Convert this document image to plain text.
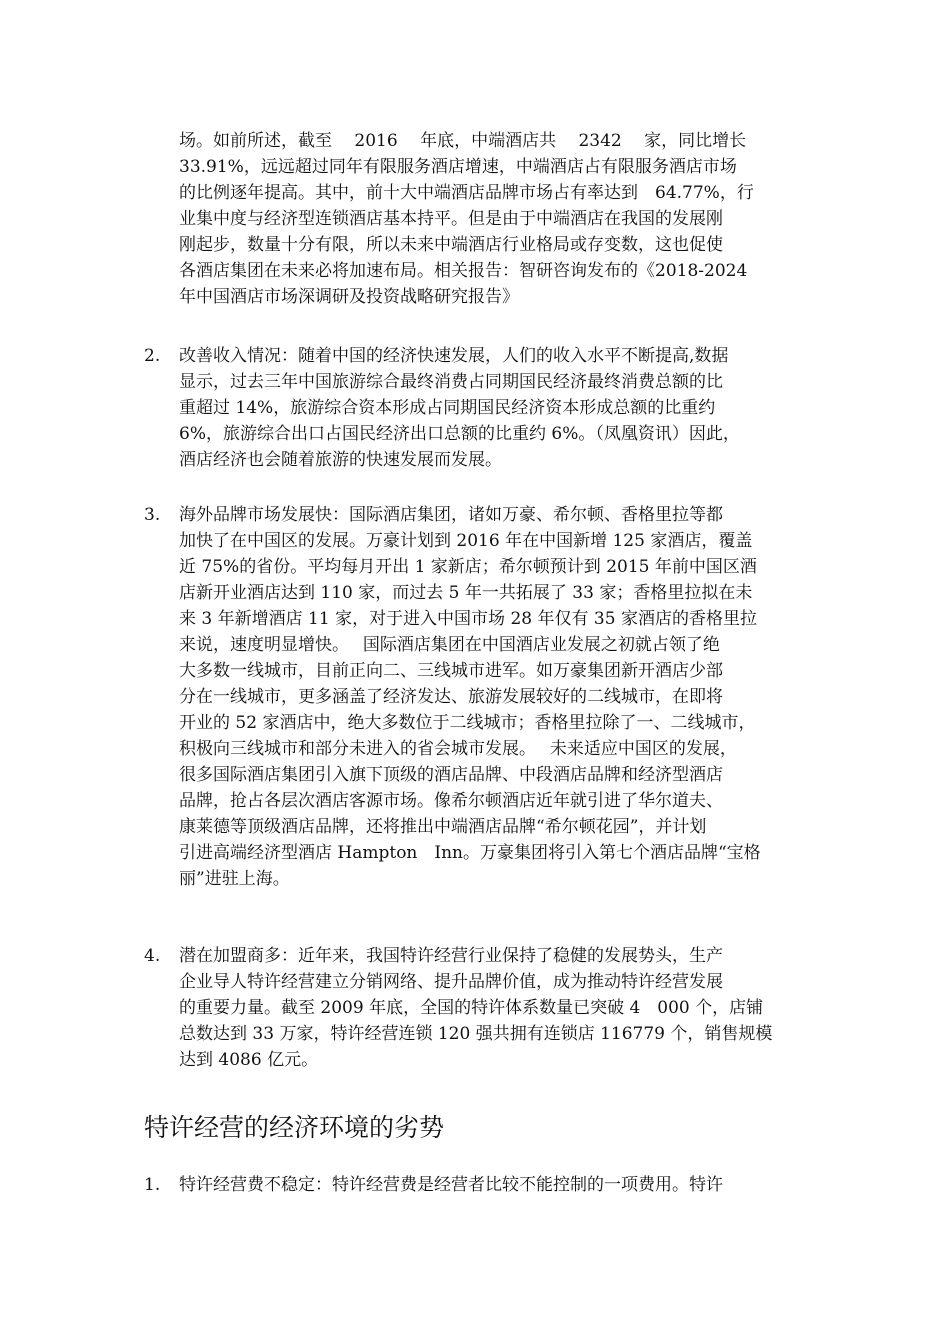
场。如前所述，截至　 2016　 年底，中端酒店共　 2342　 家，同比增长
33.91%，远远超过同年有限服务酒店增速，中端酒店占有限服务酒店市场
的比例逐年提高。其中，前十大中端酒店品牌市场占有率达到　64.77%，行
业集中度与经济型连锁酒店基本持平。但是由于中端酒店在我国的发展刚
刚起步，数量十分有限，所以未来中端酒店行业格局或存变数，这也促使
各酒店集团在未来必将加速布局。相关报告：智研咨询发布的《2018-2024
年中国酒店市场深调研及投资战略研究报告》
2. 改善收入情况：随着中国的经济快速发展，人们的收入水平不断提高,数据
显示，过去三年中国旅游综合最终消费占同期国民经济最终消费总额的比
重超过 14%，旅游综合资本形成占同期国民经济资本形成总额的比重约
6%，旅游综合出口占国民经济出口总额的比重约 6%。（凤凰资讯）因此，
酒店经济也会随着旅游的快速发展而发展。
3. 海外品牌市场发展快：国际酒店集团，诸如万豪、希尔顿、香格里拉等都
加快了在中国区的发展。万豪计划到 2016 年在中国新增 125 家酒店，覆盖
近 75%的省份。平均每月开出 1 家新店；希尔顿预计到 2015 年前中国区酒
店新开业酒店达到 110 家，而过去 5 年一共拓展了 33 家；香格里拉拟在未
来 3 年新增酒店 11 家，对于进入中国市场 28 年仅有 35 家酒店的香格里拉
来说，速度明显增快。　 国际酒店集团在中国酒店业发展之初就占领了绝
大多数一线城市，目前正向二、三线城市进军。如万豪集团新开酒店少部
分在一线城市，更多涵盖了经济发达、旅游发展较好的二线城市，在即将
开业的 52 家酒店中，绝大多数位于二线城市；香格里拉除了一、二线城市，
积极向三线城市和部分未进入的省会城市发展。　 未来适应中国区的发展，
很多国际酒店集团引入旗下顶级的酒店品牌、中段酒店品牌和经济型酒店
品牌，抢占各层次酒店客源市场。像希尔顿酒店近年就引进了华尔道夫、
康莱德等顶级酒店品牌，还将推出中端酒店品牌“希尔顿花园”，并计划
引进高端经济型酒店 Hampton　Inn。万豪集团将引入第七个酒店品牌“宝格
丽”进驻上海。
4. 潜在加盟商多：近年来，我国特许经营行业保持了稳健的发展势头，生产
企业导人特许经营建立分销网络、提升品牌价值，成为推动特许经营发展
的重要力量。截至 2009 年底，全国的特许体系数量已突破 4　000 个，店铺
总数达到 33 万家，特许经营连锁 120 强共拥有连锁店 116779 个，销售规模
达到 4086 亿元。
特许经营的经济环境的劣势
1. 特许经营费不稳定：特许经营费是经营者比较不能控制的一项费用。特许
